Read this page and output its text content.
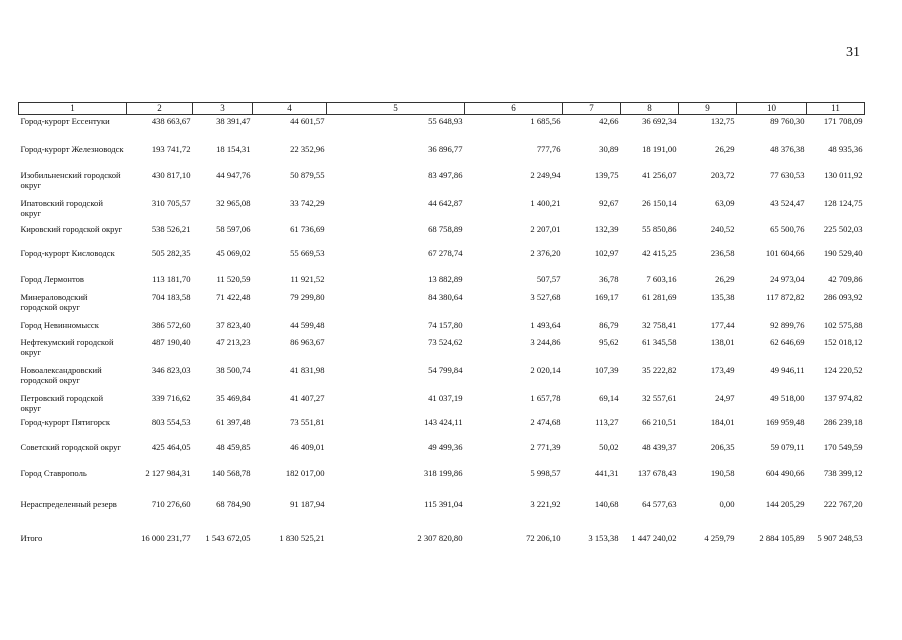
31
1	2	3	4	5	6	7	8	9	10	11
Город-курорт Ессентуки	438 663,67	38 391,47	44 601,57	55 648,93	1 685,56	42,66	36 692,34	132,75	89 760,30	171 708,09
Город-курорт Железноводск	193 741,72	18 154,31	22 352,96	36 896,77	777,76	30,89	18 191,00	26,29	48 376,38	48 935,36
Изобильненский городской округ	430 817,10	44 947,76	50 879,55	83 497,86	2 249,94	139,75	41 256,07	203,72	77 630,53	130 011,92
Ипатовский городской округ	310 705,57	32 965,08	33 742,29	44 642,87	1 400,21	92,67	26 150,14	63,09	43 524,47	128 124,75
Кировский городской округ	538 526,21	58 597,06	61 736,69	68 758,89	2 207,01	132,39	55 850,86	240,52	65 500,76	225 502,03
Город-курорт Кисловодск	505 282,35	45 069,02	55 669,53	67 278,74	2 376,20	102,97	42 415,25	236,58	101 604,66	190 529,40
Город Лермонтов	113 181,70	11 520,59	11 921,52	13 882,89	507,57	36,78	7 603,16	26,29	24 973,04	42 709,86
Минераловодский городской округ	704 183,58	71 422,48	79 299,80	84 380,64	3 527,68	169,17	61 281,69	135,38	117 872,82	286 093,92
Город Невинномысск	386 572,60	37 823,40	44 599,48	74 157,80	1 493,64	86,79	32 758,41	177,44	92 899,76	102 575,88
Нефтекумский городской округ	487 190,40	47 213,23	86 963,67	73 524,62	3 244,86	95,62	61 345,58	138,01	62 646,69	152 018,12
Новоалександровский городской округ	346 823,03	38 500,74	41 831,98	54 799,84	2 020,14	107,39	35 222,82	173,49	49 946,11	124 220,52
Петровский городской округ	339 716,62	35 469,84	41 407,27	41 037,19	1 657,78	69,14	32 557,61	24,97	49 518,00	137 974,82
Город-курорт Пятигорск	803 554,53	61 397,48	73 551,81	143 424,11	2 474,68	113,27	66 210,51	184,01	169 959,48	286 239,18
Советский городской округ	425 464,05	48 459,85	46 409,01	49 499,36	2 771,39	50,02	48 439,37	206,35	59 079,11	170 549,59
Город Ставрополь	2 127 984,31	140 568,78	182 017,00	318 199,86	5 998,57	441,31	137 678,43	190,58	604 490,66	738 399,12
Нераспределенный резерв	710 276,60	68 784,90	91 187,94	115 391,04	3 221,92	140,68	64 577,63	0,00	144 205,29	222 767,20
Итого	16 000 231,77	1 543 672,05	1 830 525,21	2 307 820,80	72 206,10	3 153,38	1 447 240,02	4 259,79	2 884 105,89	5 907 248,53
